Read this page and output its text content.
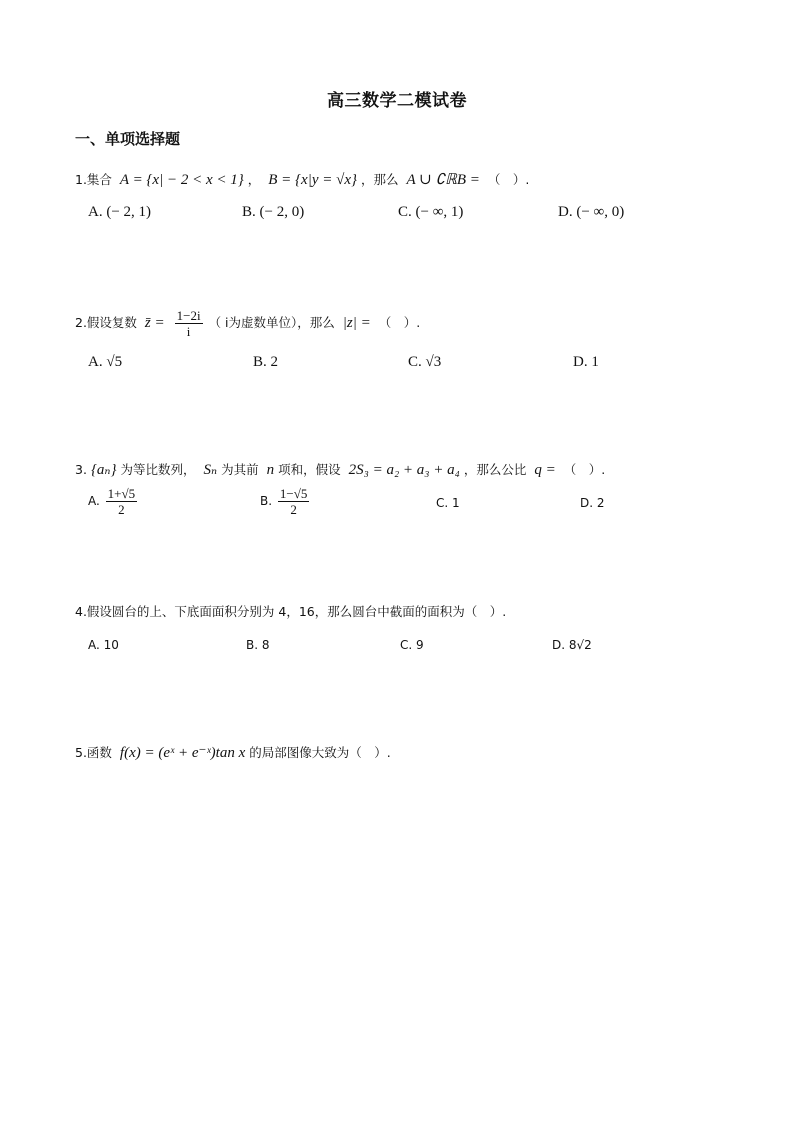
高三数学二模试卷
一、单项选择题
1.集合 A = {x| − 2 < x < 1} ， B = {x|y = √x} ，那么 A ∪ ∁ℝB = （　）.
A. (− 2, 1)	B. (− 2, 0)	C. (− ∞, 1)	D. (− ∞, 0)
2.假设复数 z̄ = $\frac{1-2i}{i}$ （ i为虚数单位），那么 |z| = （　）.
A. √5	B. 2	C. √3	D. 1
3. {aₙ} 为等比数列， Sₙ 为其前 n 项和，假设 2S₃ = a₂ + a₃ + a₄ ，那么公比 q = （　）.
A. $\frac{1+√5}{2}$	B. $\frac{1-√5}{2}$	C. 1	D. 2
4.假设圆台的上、下底面面积分别为 4，16，那么圆台中截面的面积为（　）.
A. 10	B. 8	C. 9	D. 8√2
5.函数 f(x) = (eˣ + e⁻ˣ)tan x 的局部图像大致为（　）.
